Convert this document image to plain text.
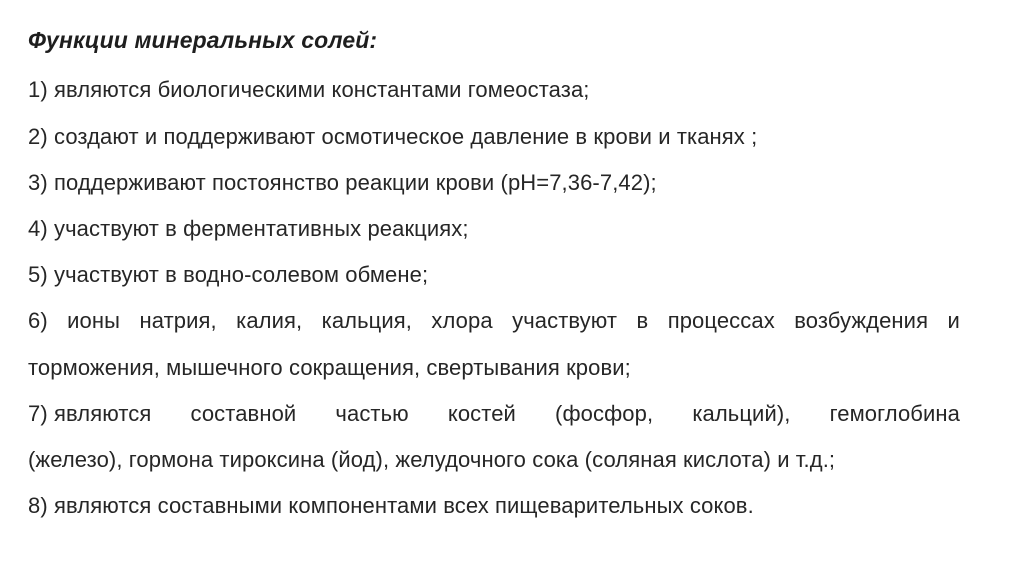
Функции минеральных солей:
1) являются биологическими константами гомеостаза;
2) создают и поддерживают осмотическое давление в крови и тканях ;
3) поддерживают постоянство реакции крови (рН=7,36-7,42);
4) участвуют в ферментативных реакциях;
5) участвуют в водно-солевом обмене;
6) ионы натрия, калия, кальция, хлора участвуют в процессах возбуждения и
торможения, мышечного сокращения, свертывания крови;
7) являются составной частью костей (фосфор, кальций), гемоглобина
(железо), гормона тироксина (йод), желудочного сока (соляная кислота) и т.д.;
8) являются составными компонентами всех пищеварительных соков.
